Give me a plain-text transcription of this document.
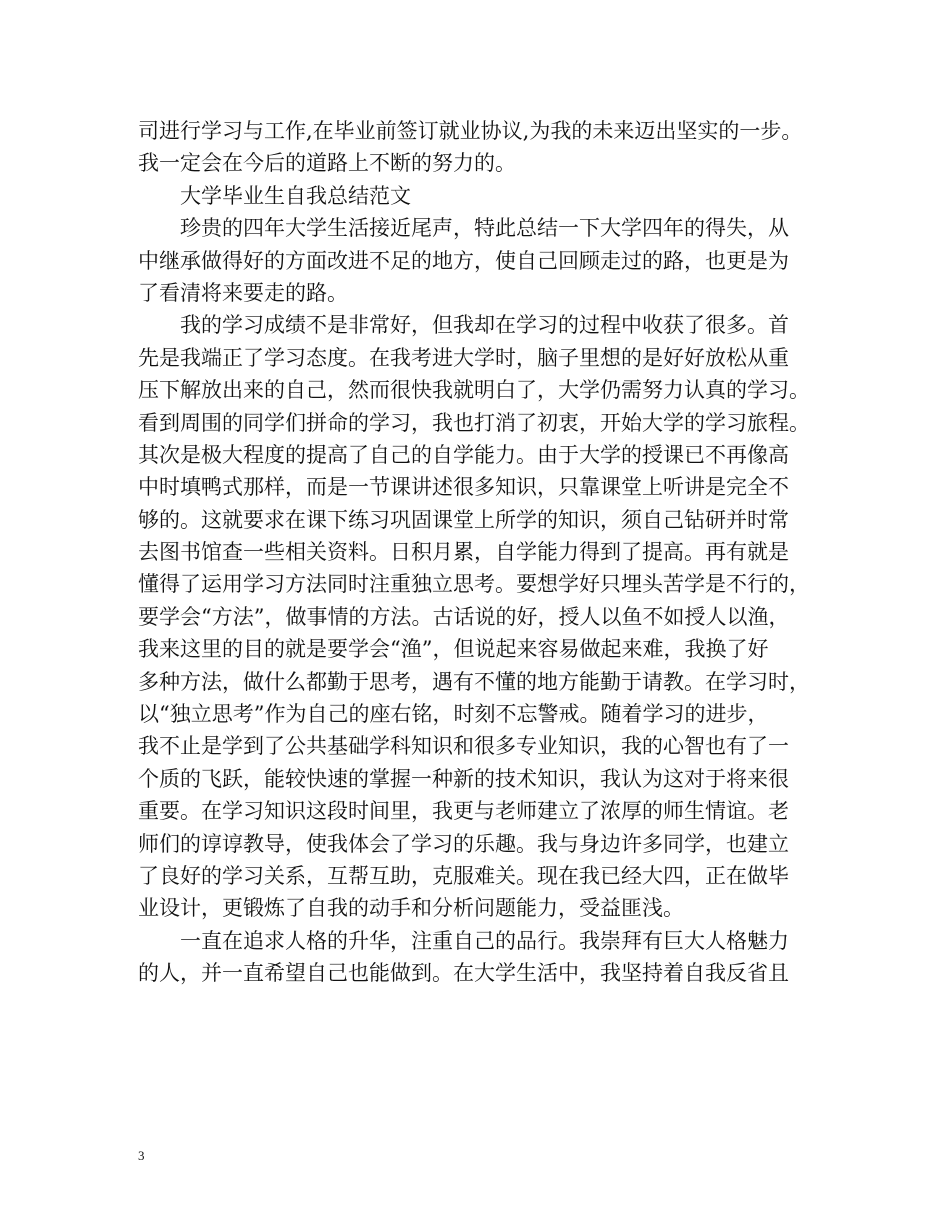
司进行学习与工作,在毕业前签订就业协议,为我的未来迈出坚实的一步。
我一定会在今后的道路上不断的努力的。
大学毕业生自我总结范文
珍贵的四年大学生活接近尾声，特此总结一下大学四年的得失，从
中继承做得好的方面改进不足的地方，使自己回顾走过的路，也更是为
了看清将来要走的路。
我的学习成绩不是非常好，但我却在学习的过程中收获了很多。首
先是我端正了学习态度。在我考进大学时，脑子里想的是好好放松从重
压下解放出来的自己，然而很快我就明白了，大学仍需努力认真的学习。
看到周围的同学们拼命的学习，我也打消了初衷，开始大学的学习旅程。
其次是极大程度的提高了自己的自学能力。由于大学的授课已不再像高
中时填鸭式那样，而是一节课讲述很多知识，只靠课堂上听讲是完全不
够的。这就要求在课下练习巩固课堂上所学的知识，须自己钻研并时常
去图书馆查一些相关资料。日积月累，自学能力得到了提高。再有就是
懂得了运用学习方法同时注重独立思考。要想学好只埋头苦学是不行的，
要学会“方法”，做事情的方法。古话说的好，授人以鱼不如授人以渔，
我来这里的目的就是要学会“渔”，但说起来容易做起来难，我换了好
多种方法，做什么都勤于思考，遇有不懂的地方能勤于请教。在学习时，
以“独立思考”作为自己的座右铭，时刻不忘警戒。随着学习的进步，
我不止是学到了公共基础学科知识和很多专业知识，我的心智也有了一
个质的飞跃，能较快速的掌握一种新的技术知识，我认为这对于将来很
重要。在学习知识这段时间里，我更与老师建立了浓厚的师生情谊。老
师们的谆谆教导，使我体会了学习的乐趣。我与身边许多同学，也建立
了良好的学习关系，互帮互助，克服难关。现在我已经大四，正在做毕
业设计，更锻炼了自我的动手和分析问题能力，受益匪浅。
一直在追求人格的升华，注重自己的品行。我崇拜有巨大人格魅力
的人，并一直希望自己也能做到。在大学生活中，我坚持着自我反省且
3
